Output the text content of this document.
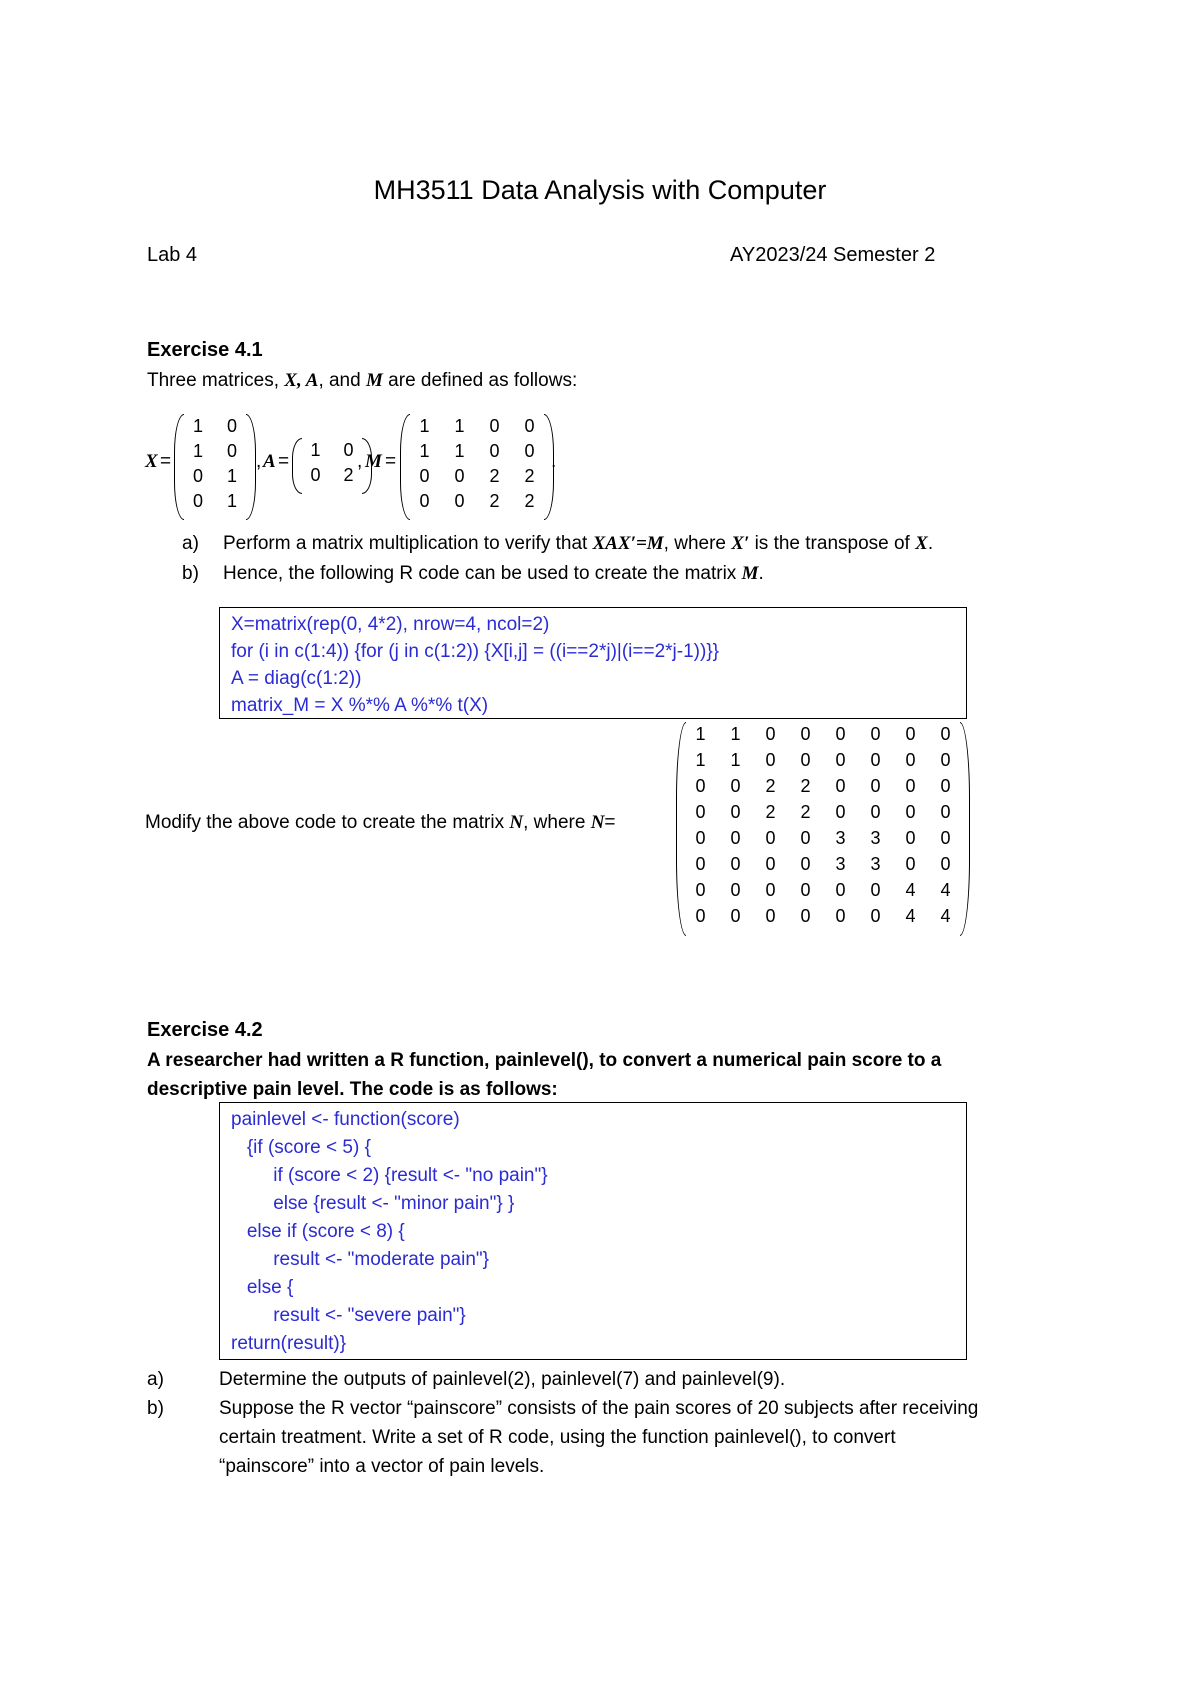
MH3511 Data Analysis with Computer
Lab 4	AY2023/24 Semester 2
Exercise 4.1
Three matrices, X, A, and M are defined as follows:
X =
1 0
1 0
0 1
0 1
, A =
1 0
0 2
, M =
1 1 0 0
1 1 0 0
0 0 2 2
0 0 2 2
.
a) Perform a matrix multiplication to verify that XAX′=M, where X′ is the transpose of X.
b) Hence, the following R code can be used to create the matrix M.
X=matrix(rep(0, 4*2), nrow=4, ncol=2)
for (i in c(1:4)) {for (j in c(1:2)) {X[i,j] = ((i==2*j)|(i==2*j-1))}}
A = diag(c(1:2))
matrix_M = X %*% A %*% t(X)
Modify the above code to create the matrix N, where N=
1 1 0 0 0 0 0 0
1 1 0 0 0 0 0 0
0 0 2 2 0 0 0 0
0 0 2 2 0 0 0 0
0 0 0 0 3 3 0 0
0 0 0 0 3 3 0 0
0 0 0 0 0 0 4 4
0 0 0 0 0 0 4 4
Exercise 4.2
A researcher had written a R function, painlevel(), to convert a numerical pain score to a
descriptive pain level. The code is as follows:
painlevel <- function(score)
{if (score < 5) {
if (score < 2) {result <- "no pain"}
else {result <- "minor pain"} }
else if (score < 8) {
result <- "moderate pain"}
else {
result <- "severe pain"}
return(result)}
a)	Determine the outputs of painlevel(2), painlevel(7) and painlevel(9).
b)	Suppose the R vector “painscore” consists of the pain scores of 20 subjects after receiving
certain treatment. Write a set of R code, using the function painlevel(), to convert
“painscore” into a vector of pain levels.
